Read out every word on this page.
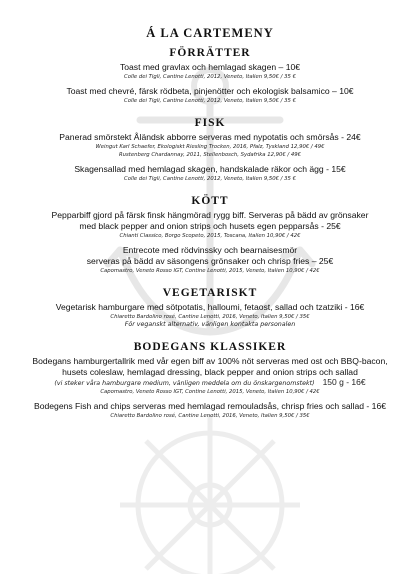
Á LA CARTEMENY
FÖRRÄTTER
Toast med gravlax och hemlagad skagen – 10€
Colle dei Tigli, Cantine Lenotti, 2012, Veneto, Italien 9,50€ / 35 €
Toast med chevré, färsk rödbeta, pinjenötter och ekologisk balsamico – 10€
Colle dei Tigli, Cantine Lenotti, 2012, Veneto, Italien 9,50€ / 35 €
FISK
Panerad smörstekt Åländsk abborre serveras med nypotatis och smörsås - 24€
Weingut Karl Schaefer, Ekologiskt Riesling Trocken, 2016, Pfalz, Tyskland 12,90€ / 49€
Rustenberg Chardannay, 2011, Stellenbosch, Sydafrika 12,90€ / 49€
Skagensallad med hemlagad skagen, handskalade räkor och ägg - 15€
Colle dei Tigli, Cantine Lenotti, 2012, Veneto, Italien 9,50€ / 35 €
KÖTT
Pepparbiff gjord på färsk finsk hängmörad rygg biff. Serveras på bädd av grönsaker
med black pepper and onion strips och husets egen pepparsås - 25€
Chianti Classico, Borgo Scopeto, 2015, Toscana, Italien 10,90€ / 42€
Entrecote med rödvinssky och bearnaisesmör
serveras på bädd av säsongens grönsaker och chrisp fries – 25€
Capomastro, Veneto Rosso IGT, Contine Lenotti, 2015, Veneto, Italien 10,90€ / 42€
VEGETARISKT
Vegetarisk hamburgare med sötpotatis, halloumi, fetaost, sallad och tzatziki - 16€
Chiaretto Bardolino rosé, Cantine Lenotti, 2016, Veneto, Italien 9,50€ / 35€
För veganskt alternativ, vänligen kontakta personalen
BODEGANS KLASSIKER
Bodegans hamburgertallrik med vår egen biff av 100% nöt serveras med ost och BBQ-bacon,
husets coleslaw, hemlagad dressing, black pepper and onion strips och sallad
(vi steker våra hamburgare medium, vänligen meddela om du önskargenomstekt) 150 g - 16€
Capomastro, Veneto Rosso IGT, Contine Lenotti, 2015, Veneto, Italien 10,90€ / 42€
Bodegens Fish and chips serveras med hemlagad remouladsås, chrisp fries och sallad - 16€
Chiaretto Bardolino rosé, Cantine Lenotti, 2016, Veneto, Italien 9,50€ / 35€
